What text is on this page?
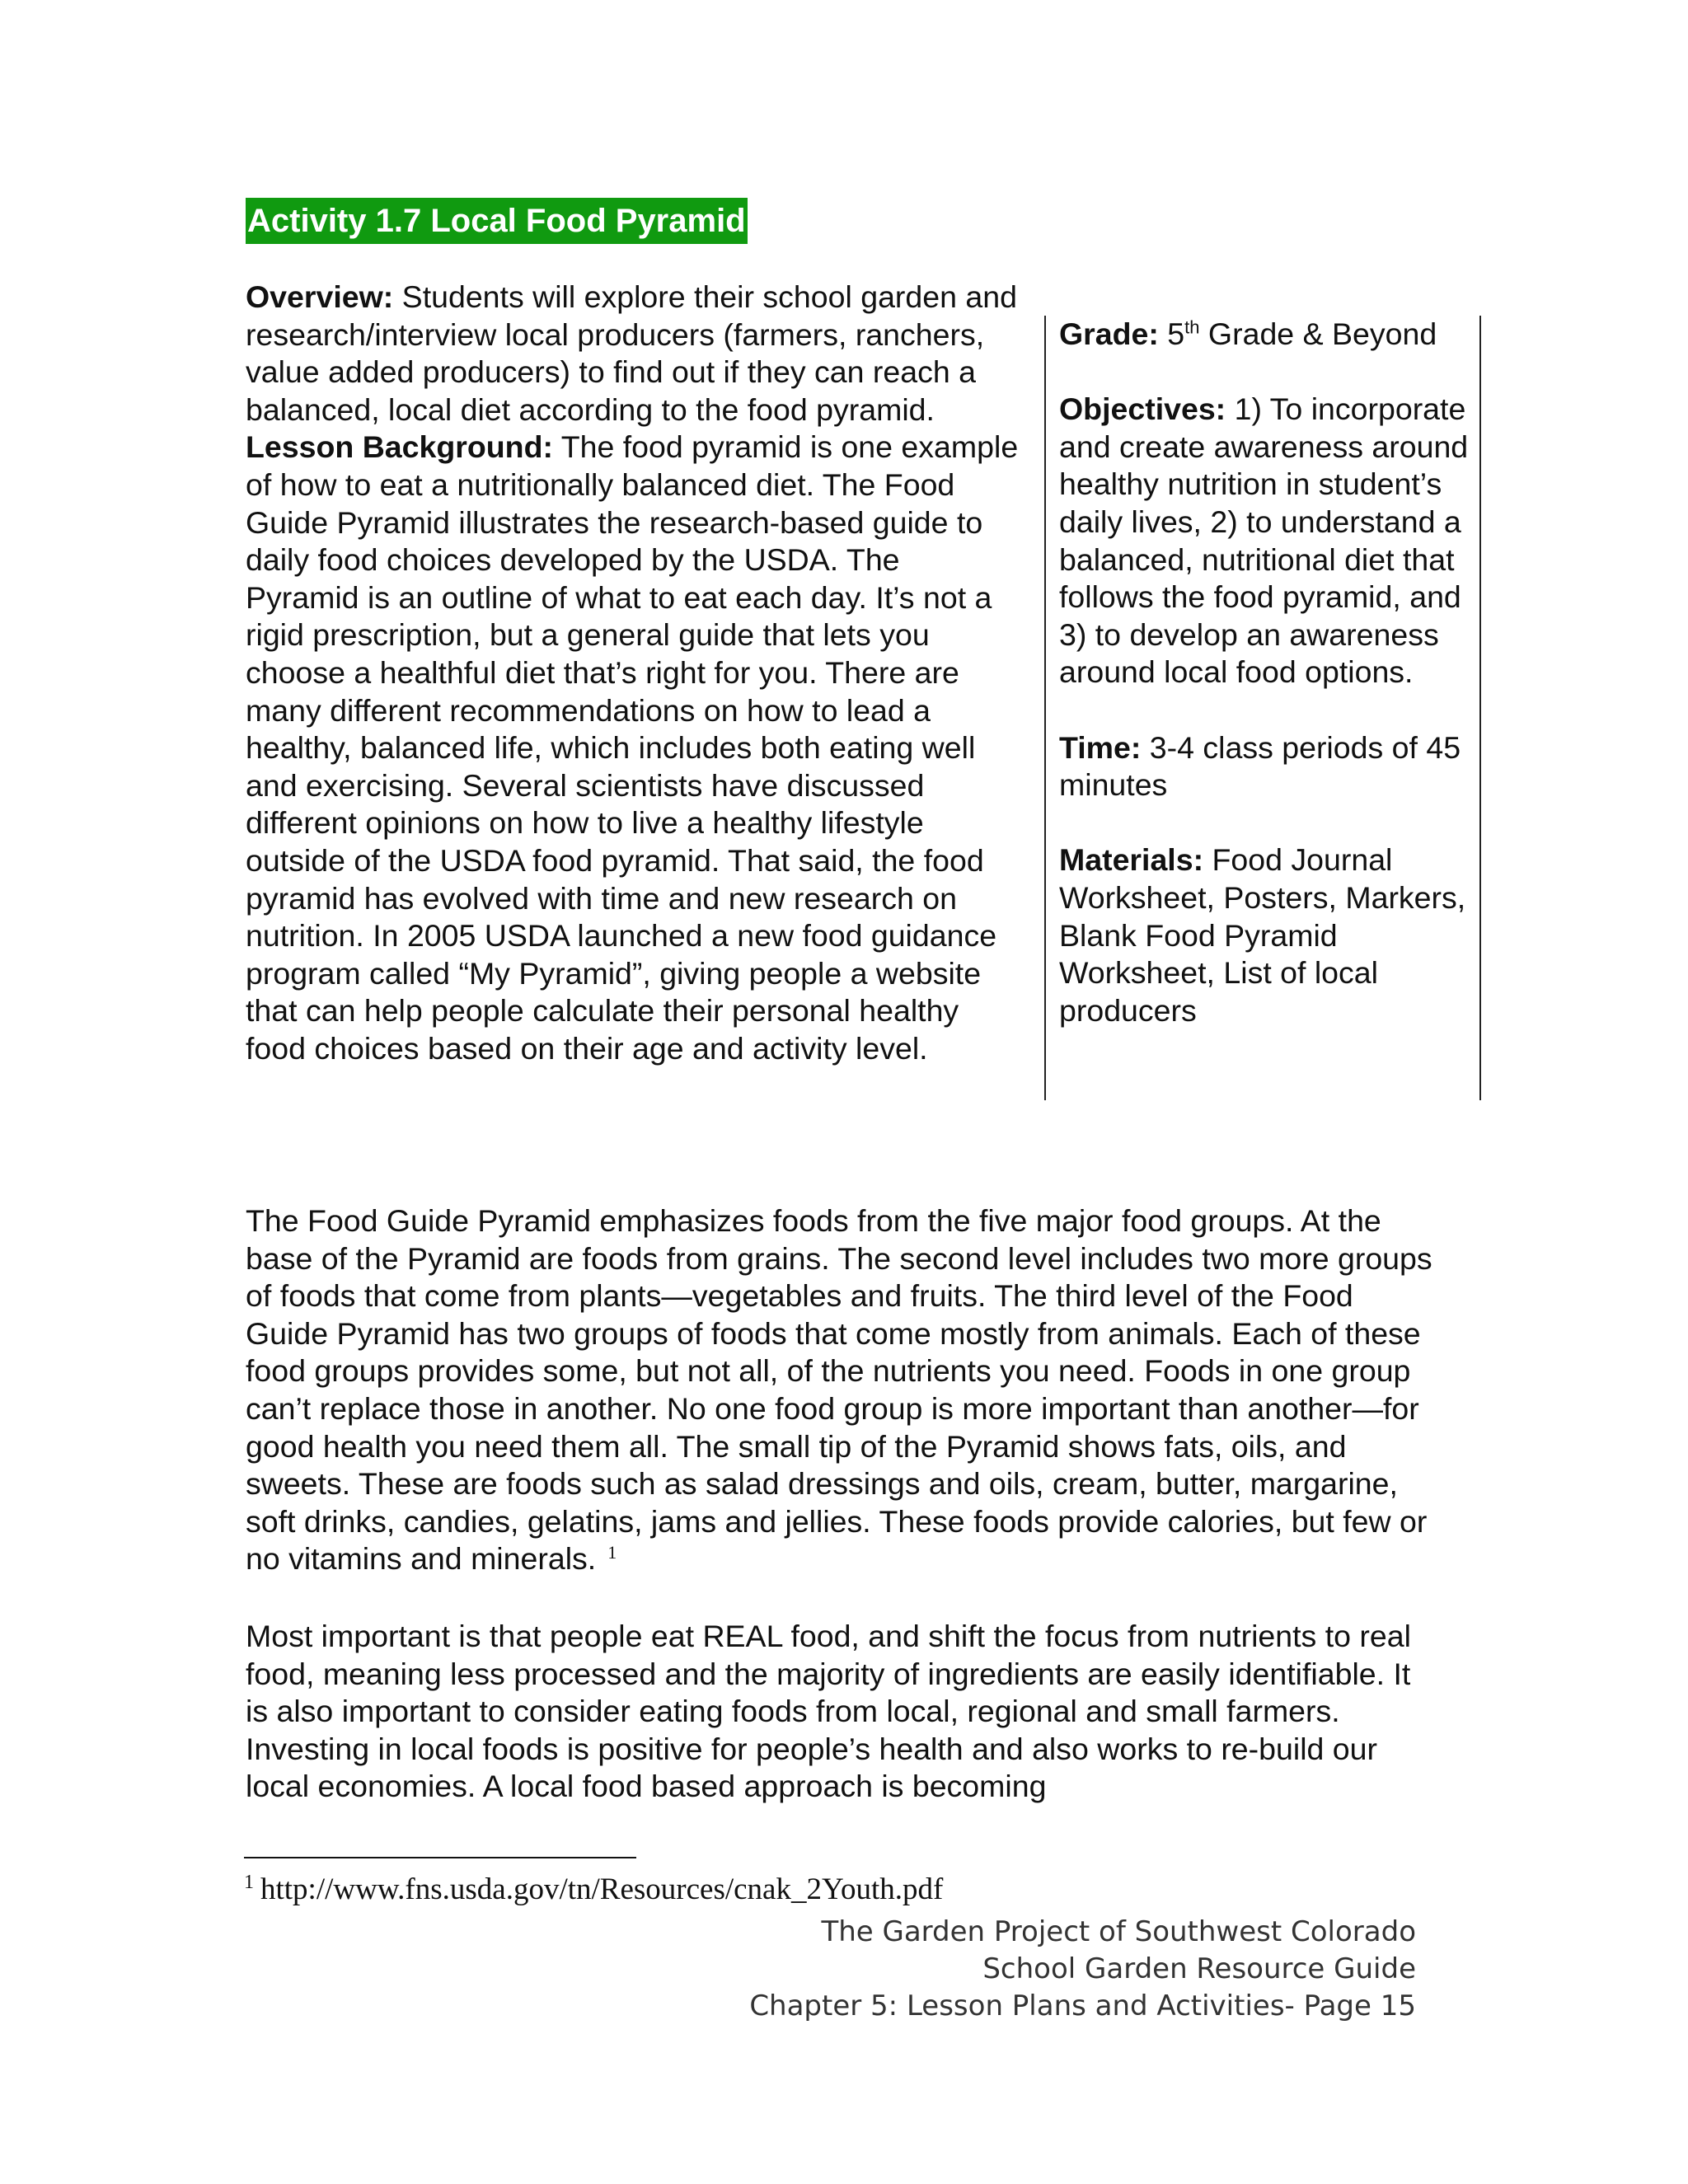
Activity 1.7 Local Food Pyramid

Overview: Students will explore their school garden and research/interview local producers (farmers, ranchers, value added producers) to find out if they can reach a balanced, local diet according to the food pyramid.

Lesson Background: The food pyramid is one example of how to eat a nutritionally balanced diet. The Food Guide Pyramid illustrates the research-based guide to daily food choices developed by the USDA. The Pyramid is an outline of what to eat each day. It’s not a rigid prescription, but a general guide that lets you choose a healthful diet that’s right for you. There are many different recommendations on how to lead a healthy, balanced life, which includes both eating well and exercising. Several scientists have discussed different opinions on how to live a healthy lifestyle outside of the USDA food pyramid. That said, the food pyramid has evolved with time and new research on nutrition. In 2005 USDA launched a new food guidance program called “My Pyramid”, giving people a website that can help people calculate their personal healthy food choices based on their age and activity level.

Grade: 5th Grade & Beyond

Objectives: 1) To incorporate and create awareness around healthy nutrition in student’s daily lives, 2) to understand a balanced, nutritional diet that follows the food pyramid, and 3) to develop an awareness around local food options.

Time: 3-4 class periods of 45 minutes

Materials: Food Journal Worksheet, Posters, Markers, Blank Food Pyramid Worksheet, List of local producers

The Food Guide Pyramid emphasizes foods from the five major food groups. At the base of the Pyramid are foods from grains. The second level includes two more groups of foods that come from plants—vegetables and fruits. The third level of the Food Guide Pyramid has two groups of foods that come mostly from animals. Each of these food groups provides some, but not all, of the nutrients you need. Foods in one group can’t replace those in another. No one food group is more important than another—for good health you need them all. The small tip of the Pyramid shows fats, oils, and sweets. These are foods such as salad dressings and oils, cream, butter, margarine, soft drinks, candies, gelatins, jams and jellies. These foods provide calories, but few or no vitamins and minerals. $^1$

Most important is that people eat REAL food, and shift the focus from nutrients to real food, meaning less processed and the majority of ingredients are easily identifiable. It is also important to consider eating foods from local, regional and small farmers. Investing in local foods is positive for people’s health and also works to re-build our local economies. A local food based approach is becoming

$^1$ http://www.fns.usda.gov/tn/Resources/cnak_2Youth.pdf
The Garden Project of Southwest Colorado
School Garden Resource Guide
Chapter 5: Lesson Plans and Activities- Page 15
